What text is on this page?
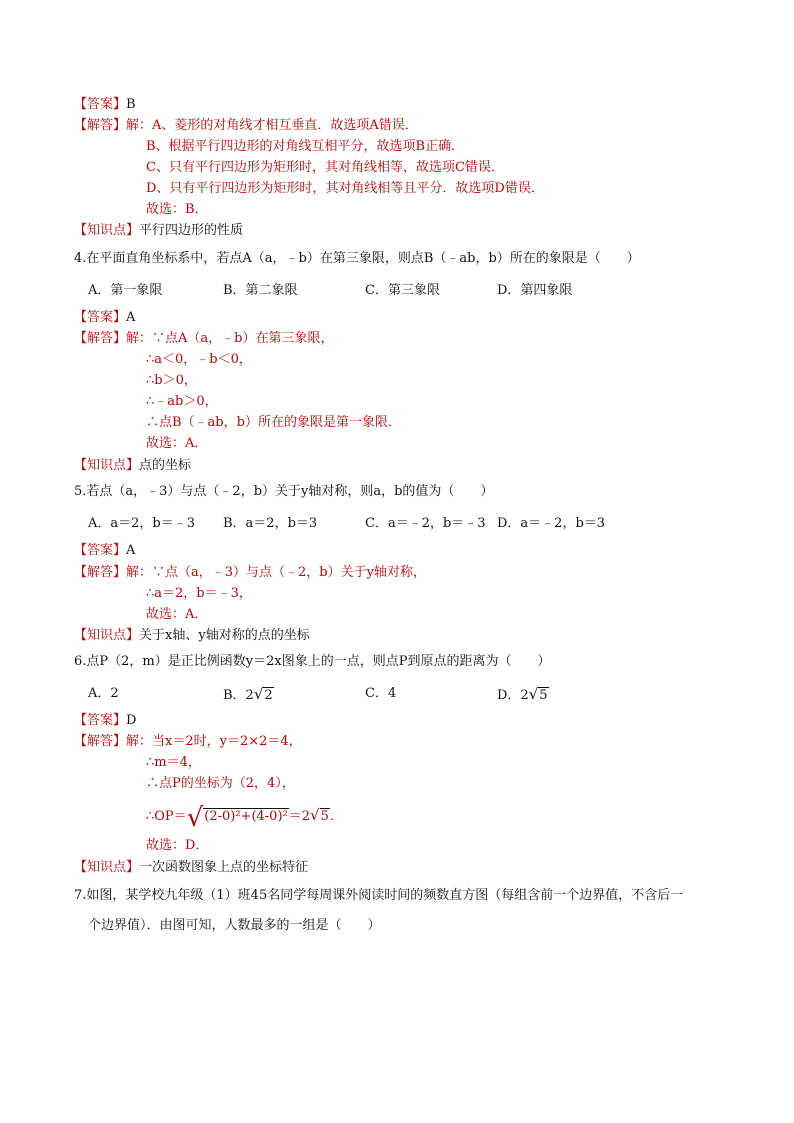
【答案】B
【解答】解：A、菱形的对角线才相互垂直．故选项A错误．
B、根据平行四边形的对角线互相平分，故选项B正确．
C、只有平行四边形为矩形时，其对角线相等，故选项C错误．
D、只有平行四边形为矩形时，其对角线相等且平分．故选项D错误．
故选：B．
【知识点】平行四边形的性质
4.在平面直角坐标系中，若点A（a，﹣b）在第三象限，则点B（﹣ab，b）所在的象限是（　　）
A．第一象限	B．第二象限	C．第三象限	D．第四象限
【答案】A
【解答】解：∵点A（a，﹣b）在第三象限，
∴a＜0，﹣b＜0，
∴b＞0，
∴﹣ab＞0，
∴点B（﹣ab，b）所在的象限是第一象限．
故选：A．
【知识点】点的坐标
5.若点（a，﹣3）与点（﹣2，b）关于y轴对称，则a，b的值为（　　）
A．a＝2，b＝﹣3 B．a＝2，b＝3	C．a＝﹣2，b＝﹣3 D．a＝﹣2，b＝3
【答案】A
【解答】解：∵点（a，﹣3）与点（﹣2，b）关于y轴对称，
∴a＝2，b＝﹣3，
故选：A．
【知识点】关于x轴、y轴对称的点的坐标
6.点P（2，m）是正比例函数y＝2x图象上的一点，则点P到原点的距离为（　　）
A．2	B．2√2	C．4	D．2√5
【答案】D
【解答】解：当x＝2时，y＝2×2＝4，
∴m＝4，
∴点P的坐标为（2，4），
∴OP＝√(2-0)²+(4-0)²＝2√5．
故选：D．
【知识点】一次函数图象上点的坐标特征
7.如图，某学校九年级（1）班45名同学每周课外阅读时间的频数直方图（每组含前一个边界值，不含后一
个边界值）．由图可知，人数最多的一组是（　　）
